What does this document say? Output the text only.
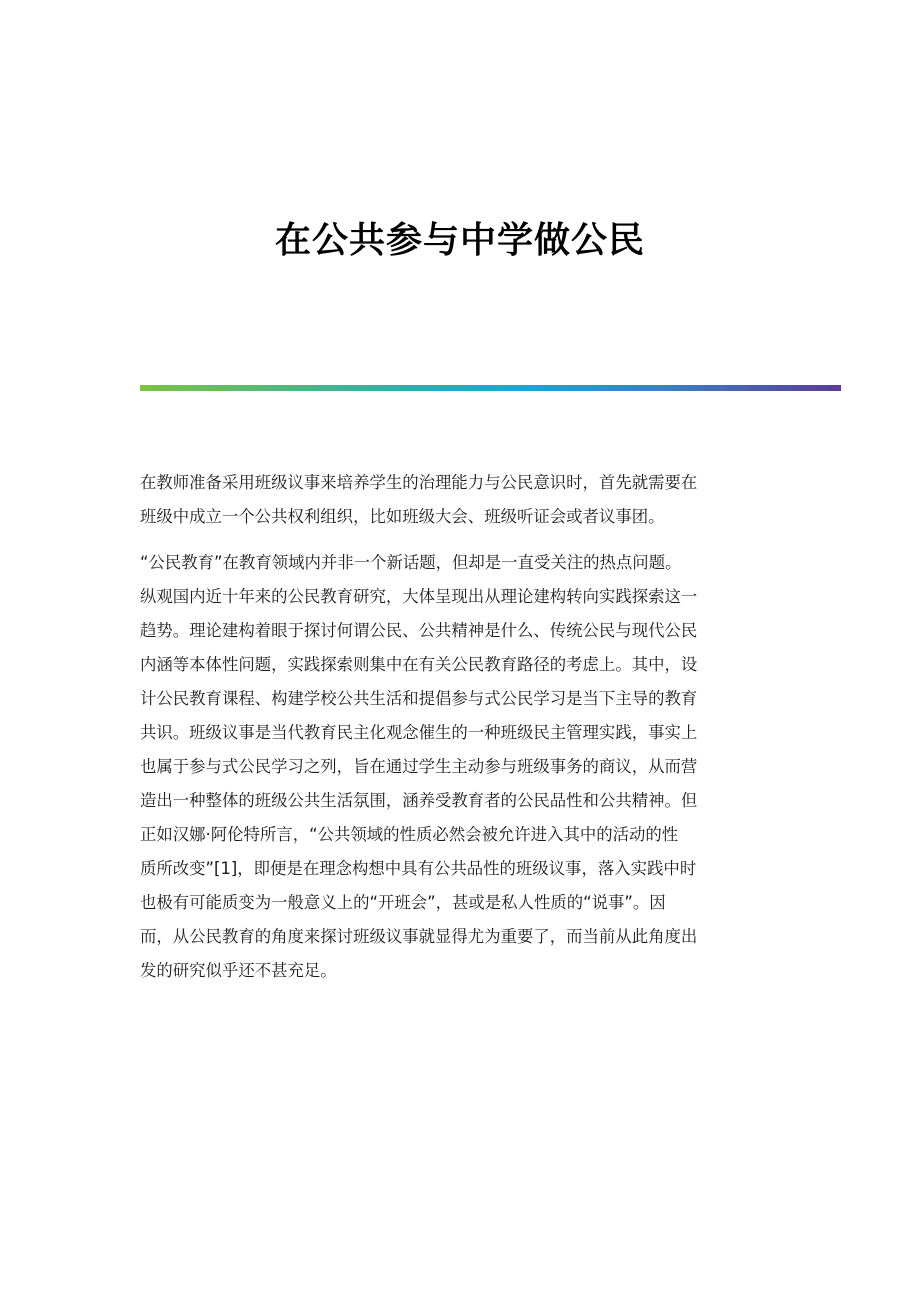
在公共参与中学做公民
在教师准备采用班级议事来培养学生的治理能力与公民意识时，首先就需要在
班级中成立一个公共权利组织，比如班级大会、班级听证会或者议事团。
“公民教育”在教育领域内并非一个新话题，但却是一直受关注的热点问题。
纵观国内近十年来的公民教育研究，大体呈现出从理论建构转向实践探索这一
趋势。理论建构着眼于探讨何谓公民、公共精神是什么、传统公民与现代公民
内涵等本体性问题，实践探索则集中在有关公民教育路径的考虑上。其中，设
计公民教育课程、构建学校公共生活和提倡参与式公民学习是当下主导的教育
共识。班级议事是当代教育民主化观念催生的一种班级民主管理实践，事实上
也属于参与式公民学习之列，旨在通过学生主动参与班级事务的商议，从而营
造出一种整体的班级公共生活氛围，涵养受教育者的公民品性和公共精神。但
正如汉娜·阿伦特所言，“公共领域的性质必然会被允许进入其中的活动的性
质所改变”[1]，即便是在理念构想中具有公共品性的班级议事，落入实践中时
也极有可能质变为一般意义上的“开班会”，甚或是私人性质的“说事”。因
而，从公民教育的角度来探讨班级议事就显得尤为重要了，而当前从此角度出
发的研究似乎还不甚充足。
